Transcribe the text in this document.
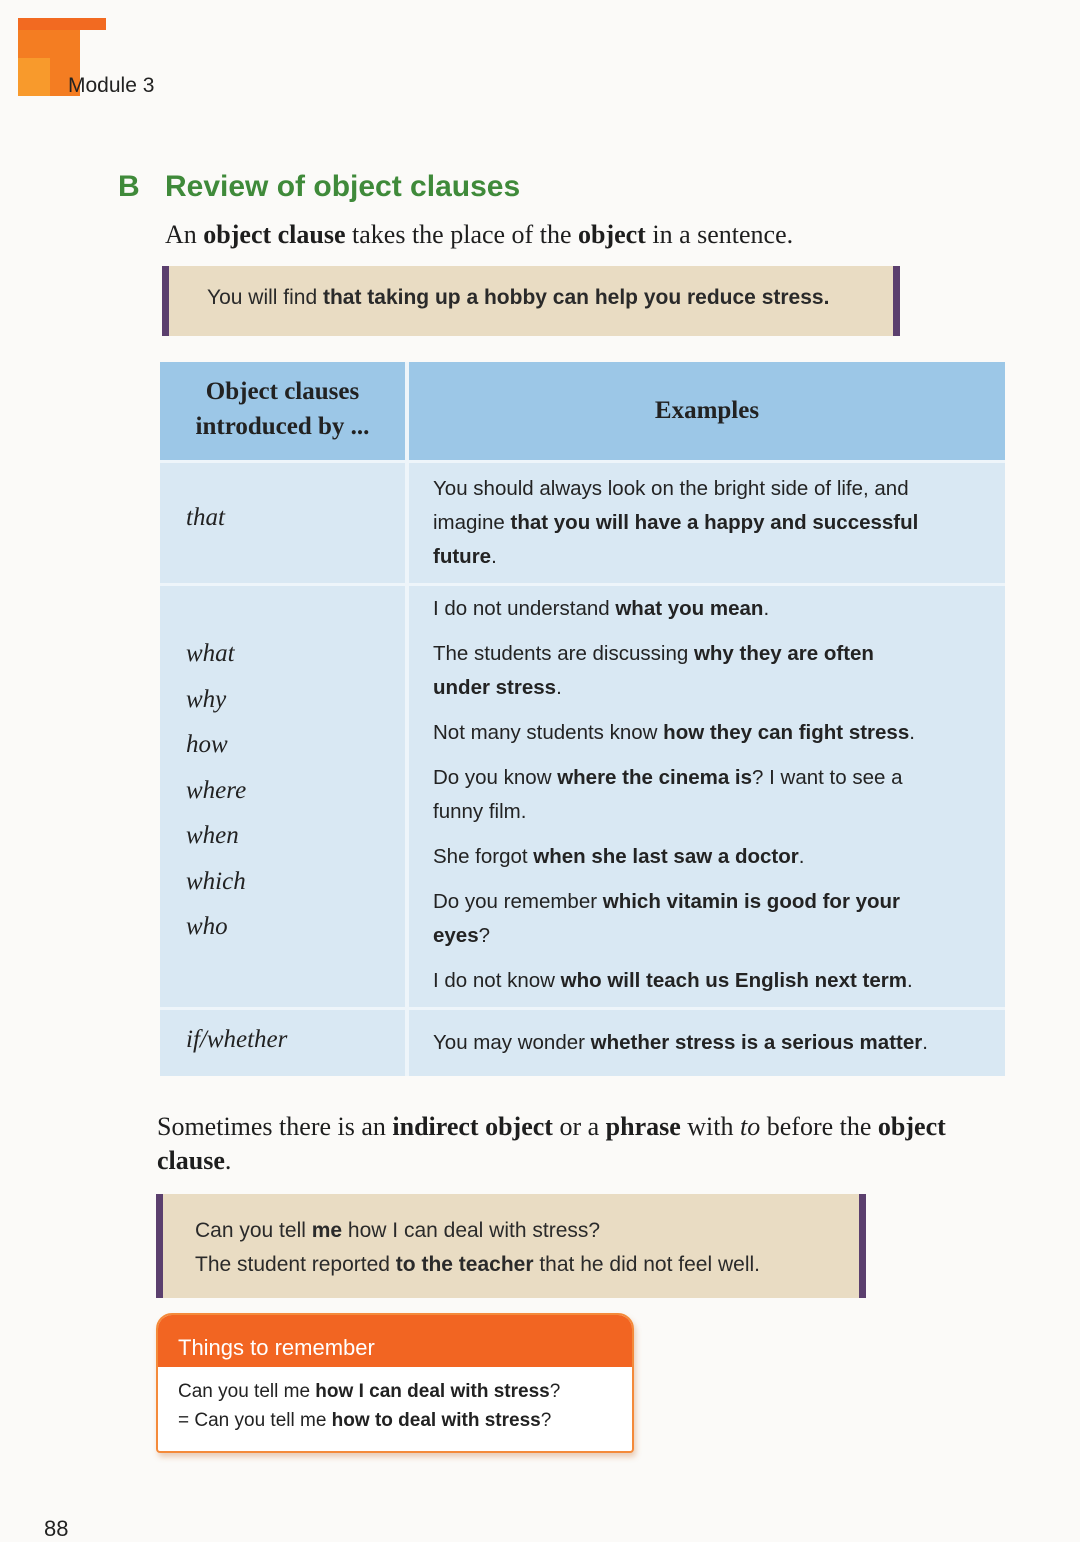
Module 3
B Review of object clauses
An object clause takes the place of the object in a sentence.
You will find that taking up a hobby can help you reduce stress.
Object clauses
introduced by ...
Examples
that
You should always look on the bright side of life, and
imagine that you will have a happy and successful
future.
what
why
how
where
when
which
who
I do not understand what you mean.
The students are discussing why they are often
under stress.
Not many students know how they can fight stress.
Do you know where the cinema is? I want to see a
funny film.
She forgot when she last saw a doctor.
Do you remember which vitamin is good for your
eyes?
I do not know who will teach us English next term.
if/whether	You may wonder whether stress is a serious matter.
Sometimes there is an indirect object or a phrase with to before the object clause.
Can you tell me how I can deal with stress?
The student reported to the teacher that he did not feel well.
Things to remember
Can you tell me how I can deal with stress?
= Can you tell me how to deal with stress?
88
